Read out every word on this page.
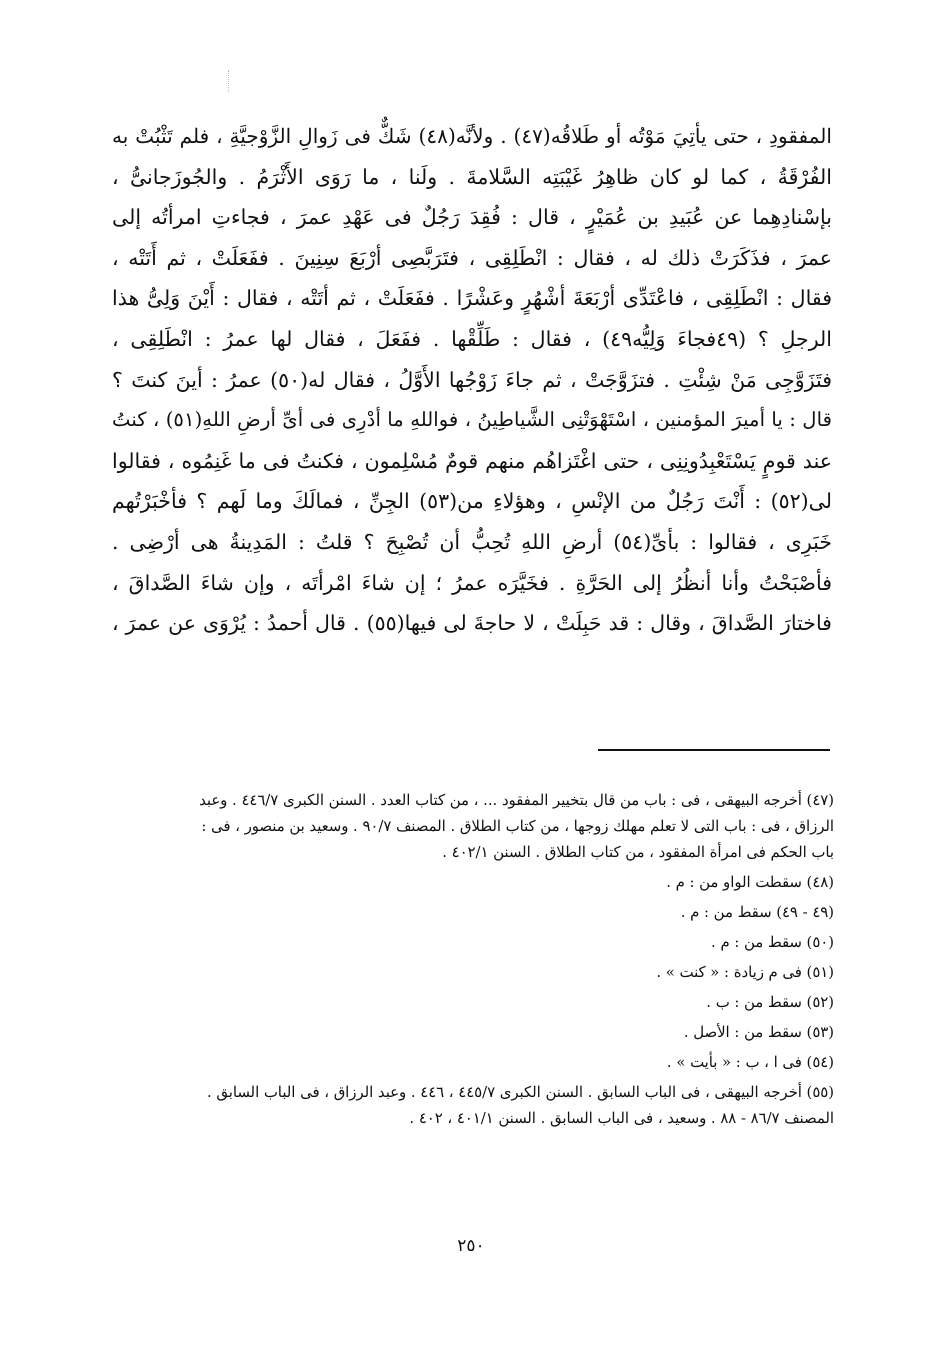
المفقودِ ، حتى يأتِيَ مَوْتُه أو طَلاقُه(٤٧) . ولأنَّه(٤٨) شَكٌّ فى زَوالِ الزَّوْجيَّةِ ، فلم تَثْبُتْ به
الفُرْقَةُ ، كما لو كان ظاهِرُ غَيْبَتِه السَّلامةَ . ولَنا ، ما رَوَى الأَثْرَمُ . والجُوزَجانىُّ ،
بإسْنادِهِما عن عُبَيدِ بن عُمَيْرٍ ، قال : فُقِدَ رَجُلٌ فى عَهْدِ عمرَ ، فجاءتِ امرأتُه إلى
عمرَ ، فذَكَرَتْ ذلك له ، فقال : انْطَلِقِى ، فتَرَبَّصِى أرْبَعَ سِنِينَ . ففَعَلَتْ ، ثم أَتَتْه ،
فقال : انْطَلِقِى ، فاعْتَدِّى أرْبَعَةَ أشْهُرٍ وعَشْرًا . ففَعَلَتْ ، ثم أتَتْه ، فقال : أَيْنَ وَلِىُّ هذا
الرجلِ ؟ (٤٩فجاءَ وَلِيُّه٤٩) ، فقال : طَلِّقْها . ففَعَلَ ، فقال لها عمرُ : انْطَلِقِى ،
فتَزَوَّجِى مَنْ شِئْتِ . فتزَوَّجَتْ ، ثم جاءَ زَوْجُها الأَوَّلُ ، فقال له(٥٠) عمرُ : أينَ كنتَ ؟
قال : يا أميرَ المؤمنين ، اسْتَهْوَتْنِى الشَّياطِينُ ، فواللهِ ما أدْرِى فى أىِّ أرضِ اللهِ(٥١) ، كنتُ
عند قومٍ يَسْتَعْبِدُونِنِى ، حتى اغْتَزاهُم منهم قومٌ مُسْلِمون ، فكنتُ فى ما غَنِمُوه ، فقالوا
لى(٥٢) : أَنْتَ رَجُلٌ من الإنْسِ ، وهؤلاءِ من(٥٣) الجِنِّ ، فمالَكَ وما لَهم ؟ فأخْبَرْتُهم
خَبَرِى ، فقالوا : بأىِّ(٥٤) أرضِ اللهِ تُحِبُّ أن تُصْبِحَ ؟ قلتُ : المَدِينةُ هى أرْضِى .
فأصْبَحْتُ وأنا أنظُرُ إلى الحَرَّةِ . فخَيَّرَه عمرُ ؛ إن شاءَ امْرأتَه ، وإن شاءَ الصَّداقَ ،
فاختارَ الصَّداقَ ، وقال : قد حَبِلَتْ ، لا حاجةَ لى فيها(٥٥) . قال أحمدُ : يُرْوَى عن عمرَ ،

(٤٧) أخرجه البيهقى ، فى : باب من قال بتخيير المفقود ... ، من كتاب العدد . السنن الكبرى ٤٤٦/٧ . وعبد

الرزاق ، فى : باب التى لا تعلم مهلك زوجها ، من كتاب الطلاق . المصنف ٩٠/٧ . وسعيد بن منصور ، فى :

باب الحكم فى امرأة المفقود ، من كتاب الطلاق . السنن ٤٠٢/١ .

(٤٨) سقطت الواو من : م .

(٤٩ - ٤٩) سقط من : م .

(٥٠) سقط من : م .

(٥١) فى م زيادة : « كنت » .

(٥٢) سقط من : ب .

(٥٣) سقط من : الأصل .

(٥٤) فى ا ، ب : « بأيت » .

(٥٥) أخرجه البيهقى ، فى الباب السابق . السنن الكبرى ٤٤٥/٧ ، ٤٤٦ . وعبد الرزاق ، فى الباب السابق .

المصنف ٨٦/٧ - ٨٨ . وسعيد ، فى الباب السابق . السنن ٤٠١/١ ، ٤٠٢ .

٢٥٠
